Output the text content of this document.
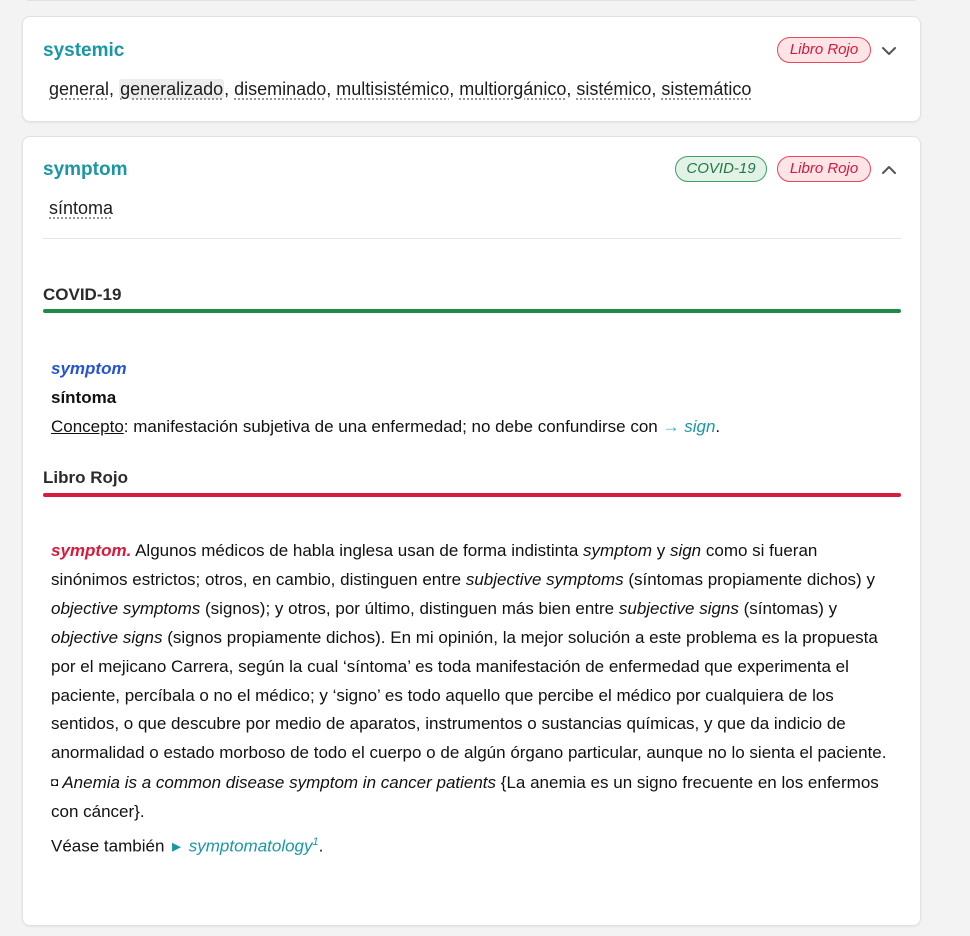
systemic	Libro Rojo
general, generalizado, diseminado, multisistémico, multiorgánico, sistémico, sistemático
symptom	COVID-19	Libro Rojo
síntoma
COVID-19
symptom
síntoma
Concepto: manifestación subjetiva de una enfermedad; no debe confundirse con → sign.
Libro Rojo
symptom. Algunos médicos de habla inglesa usan de forma indistinta symptom y sign como si fueran sinónimos estrictos; otros, en cambio, distinguen entre subjective symptoms (síntomas propiamente dichos) y objective symptoms (signos); y otros, por último, distinguen más bien entre subjective signs (síntomas) y objective signs (signos propiamente dichos). En mi opinión, la mejor solución a este problema es la propuesta por el mejicano Carrera, según la cual ‘síntoma’ es toda manifestación de enfermedad que experimenta el paciente, percíbala o no el médico; y ‘signo’ es todo aquello que percibe el médico por cualquiera de los sentidos, o que descubre por medio de aparatos, instrumentos o sustancias químicas, y que da indicio de anormalidad o estado morboso de todo el cuerpo o de algún órgano particular, aunque no lo sienta el paciente. ◘ Anemia is a common disease symptom in cancer patients {La anemia es un signo frecuente en los enfermos con cáncer}.
Véase también ► symptomatology$^1$.
